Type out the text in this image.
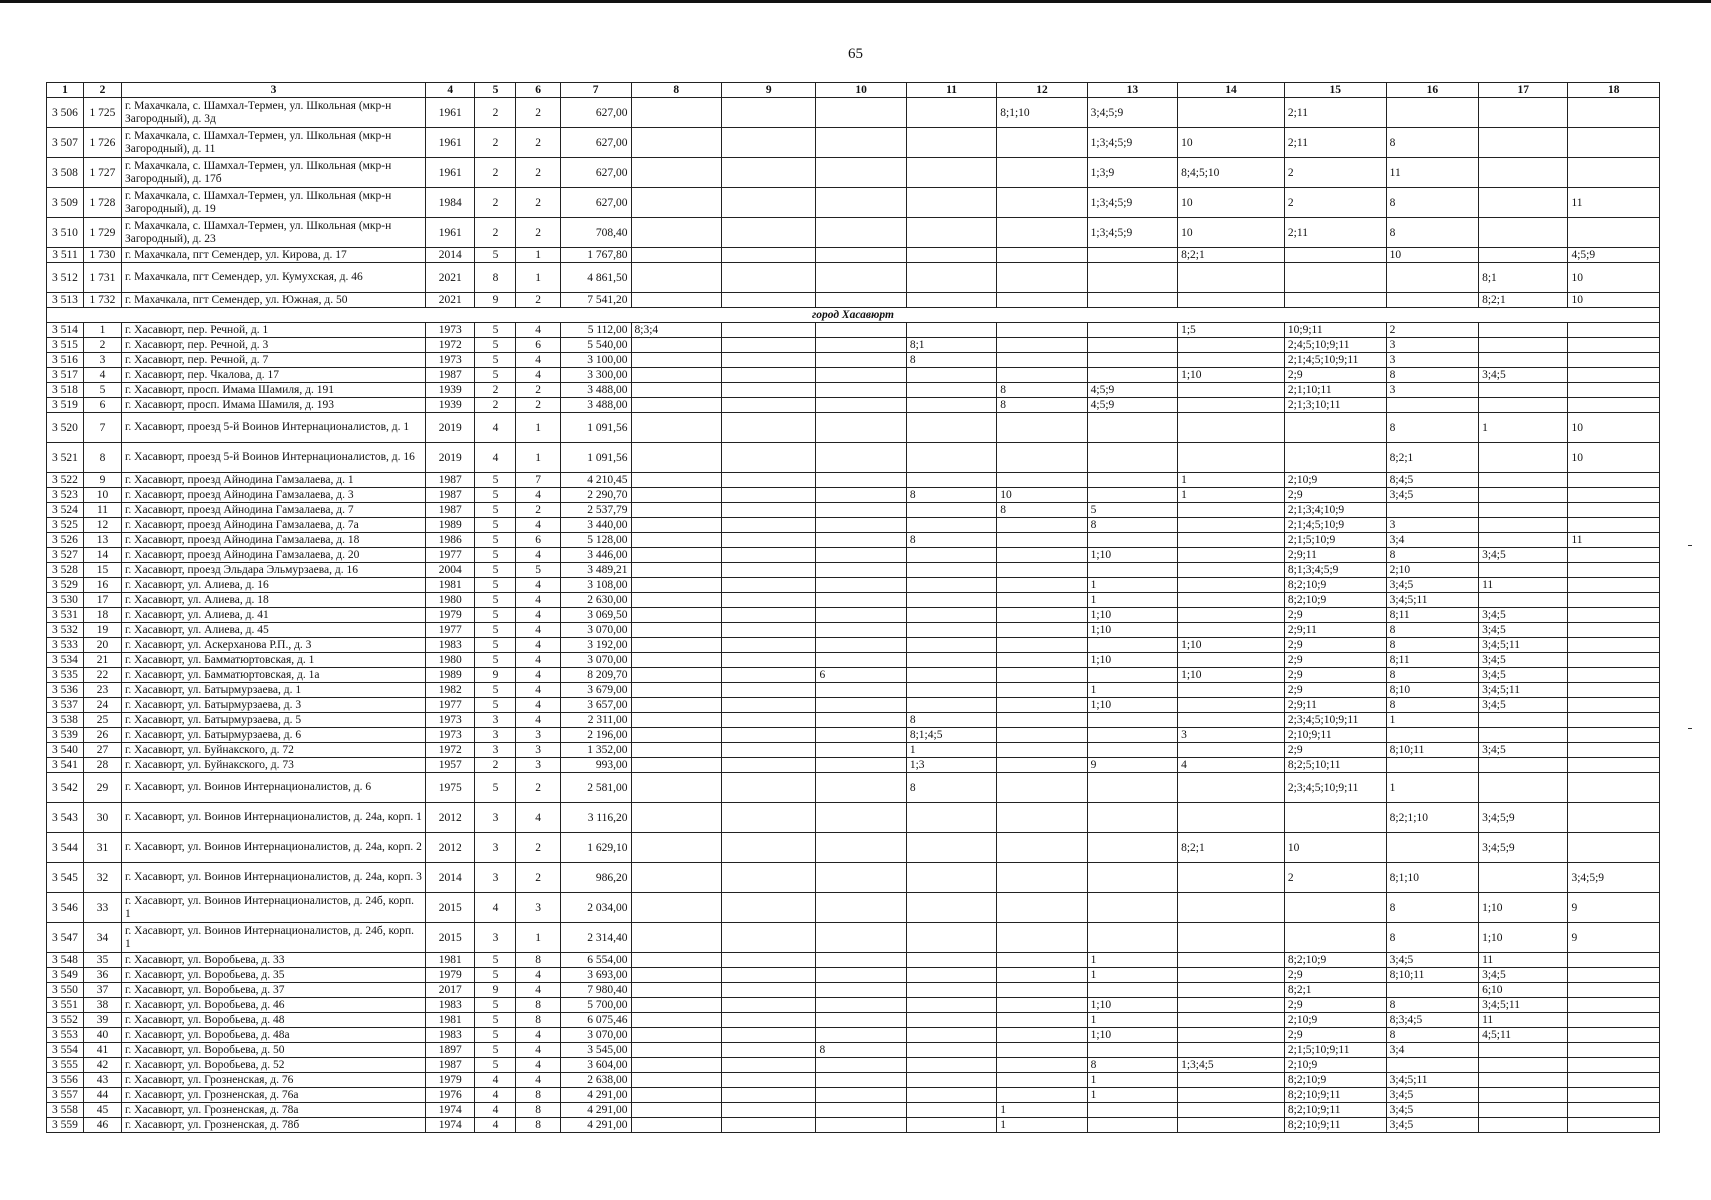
65
1	2	3	4	5	6	7	8	9	10	11	12	13	14	15	16	17	18
3 506	1 725	г. Махачкала, с. Шамхал-Термен, ул. Школьная (мкр-н Загородный), д. 3д	1961	2	2	627,00					8;1;10	3;4;5;9		2;11			
3 507	1 726	г. Махачкала, с. Шамхал-Термен, ул. Школьная (мкр-н Загородный), д. 11	1961	2	2	627,00						1;3;4;5;9	10	2;11	8		
3 508	1 727	г. Махачкала, с. Шамхал-Термен, ул. Школьная (мкр-н Загородный), д. 17б	1961	2	2	627,00						1;3;9	8;4;5;10	2	11		
3 509	1 728	г. Махачкала, с. Шамхал-Термен, ул. Школьная (мкр-н Загородный), д. 19	1984	2	2	627,00						1;3;4;5;9	10	2	8		11
3 510	1 729	г. Махачкала, с. Шамхал-Термен, ул. Школьная (мкр-н Загородный), д. 23	1961	2	2	708,40						1;3;4;5;9	10	2;11	8		
3 511	1 730	г. Махачкала, пгт Семендер, ул. Кирова, д. 17	2014	5	1	1 767,80							8;2;1		10		4;5;9
3 512	1 731	г. Махачкала, пгт Семендер, ул. Кумухская, д. 46	2021	8	1	4 861,50										8;1	10
3 513	1 732	г. Махачкала, пгт Семендер, ул. Южная, д. 50	2021	9	2	7 541,20										8;2;1	10
город Хасавюрт																	
3 514	1	г. Хасавюрт, пер. Речной, д. 1	1973	5	4	5 112,00	8;3;4						1;5	10;9;11	2		
3 515	2	г. Хасавюрт, пер. Речной, д. 3	1972	5	6	5 540,00				8;1				2;4;5;10;9;11	3		
3 516	3	г. Хасавюрт, пер. Речной, д. 7	1973	5	4	3 100,00				8				2;1;4;5;10;9;11	3		
3 517	4	г. Хасавюрт, пер. Чкалова, д. 17	1987	5	4	3 300,00							1;10	2;9	8	3;4;5	
3 518	5	г. Хасавюрт, просп. Имама Шамиля, д. 191	1939	2	2	3 488,00					8	4;5;9		2;1;10;11	3		
3 519	6	г. Хасавюрт, просп. Имама Шамиля, д. 193	1939	2	2	3 488,00					8	4;5;9		2;1;3;10;11			
3 520	7	г. Хасавюрт, проезд 5-й Воинов Интернационалистов, д. 1	2019	4	1	1 091,56									8	1	10
3 521	8	г. Хасавюрт, проезд 5-й Воинов Интернационалистов, д. 16	2019	4	1	1 091,56									8;2;1		10
3 522	9	г. Хасавюрт, проезд Айнодина Гамзалаева, д. 1	1987	5	7	4 210,45							1	2;10;9	8;4;5		
3 523	10	г. Хасавюрт, проезд Айнодина Гамзалаева, д. 3	1987	5	4	2 290,70				8	10		1	2;9	3;4;5		
3 524	11	г. Хасавюрт, проезд Айнодина Гамзалаева, д. 7	1987	5	2	2 537,79					8	5		2;1;3;4;10;9			
3 525	12	г. Хасавюрт, проезд Айнодина Гамзалаева, д. 7а	1989	5	4	3 440,00						8		2;1;4;5;10;9	3		
3 526	13	г. Хасавюрт, проезд Айнодина Гамзалаева, д. 18	1986	5	6	5 128,00				8				2;1;5;10;9	3;4		11
3 527	14	г. Хасавюрт, проезд Айнодина Гамзалаева, д. 20	1977	5	4	3 446,00						1;10		2;9;11	8	3;4;5	
3 528	15	г. Хасавюрт, проезд Эльдара Эльмурзаева, д. 16	2004	5	5	3 489,21								8;1;3;4;5;9	2;10		
3 529	16	г. Хасавюрт, ул. Алиева, д. 16	1981	5	4	3 108,00						1		8;2;10;9	3;4;5	11	
3 530	17	г. Хасавюрт, ул. Алиева, д. 18	1980	5	4	2 630,00						1		8;2;10;9	3;4;5;11		
3 531	18	г. Хасавюрт, ул. Алиева, д. 41	1979	5	4	3 069,50						1;10		2;9	8;11	3;4;5	
3 532	19	г. Хасавюрт, ул. Алиева, д. 45	1977	5	4	3 070,00						1;10		2;9;11	8	3;4;5	
3 533	20	г. Хасавюрт, ул. Аскерханова Р.П., д. 3	1983	5	4	3 192,00							1;10	2;9	8	3;4;5;11	
3 534	21	г. Хасавюрт, ул. Бамматюртовская, д. 1	1980	5	4	3 070,00						1;10		2;9	8;11	3;4;5	
3 535	22	г. Хасавюрт, ул. Бамматюртовская, д. 1а	1989	9	4	8 209,70			6				1;10	2;9	8	3;4;5	
3 536	23	г. Хасавюрт, ул. Батырмурзаева, д. 1	1982	5	4	3 679,00						1		2;9	8;10	3;4;5;11	
3 537	24	г. Хасавюрт, ул. Батырмурзаева, д. 3	1977	5	4	3 657,00						1;10		2;9;11	8	3;4;5	
3 538	25	г. Хасавюрт, ул. Батырмурзаева, д. 5	1973	3	4	2 311,00				8				2;3;4;5;10;9;11	1		
3 539	26	г. Хасавюрт, ул. Батырмурзаева, д. 6	1973	3	3	2 196,00				8;1;4;5			3	2;10;9;11			
3 540	27	г. Хасавюрт, ул. Буйнакского, д. 72	1972	3	3	1 352,00				1				2;9	8;10;11	3;4;5	
3 541	28	г. Хасавюрт, ул. Буйнакского, д. 73	1957	2	3	993,00				1;3		9	4	8;2;5;10;11			
3 542	29	г. Хасавюрт, ул. Воинов Интернационалистов, д. 6	1975	5	2	2 581,00				8				2;3;4;5;10;9;11	1		
3 543	30	г. Хасавюрт, ул. Воинов Интернационалистов, д. 24а, корп. 1	2012	3	4	3 116,20									8;2;1;10	3;4;5;9	
3 544	31	г. Хасавюрт, ул. Воинов Интернационалистов, д. 24а, корп. 2	2012	3	2	1 629,10							8;2;1	10		3;4;5;9	
3 545	32	г. Хасавюрт, ул. Воинов Интернационалистов, д. 24а, корп. 3	2014	3	2	986,20								2	8;1;10		3;4;5;9
3 546	33	г. Хасавюрт, ул. Воинов Интернационалистов, д. 24б, корп. 1	2015	4	3	2 034,00									8	1;10	9
3 547	34	г. Хасавюрт, ул. Воинов Интернационалистов, д. 24б, корп. 1	2015	3	1	2 314,40									8	1;10	9
3 548	35	г. Хасавюрт, ул. Воробьева, д. 33	1981	5	8	6 554,00						1		8;2;10;9	3;4;5	11	
3 549	36	г. Хасавюрт, ул. Воробьева, д. 35	1979	5	4	3 693,00						1		2;9	8;10;11	3;4;5	
3 550	37	г. Хасавюрт, ул. Воробьева, д. 37	2017	9	4	7 980,40								8;2;1		6;10	
3 551	38	г. Хасавюрт, ул. Воробьева, д. 46	1983	5	8	5 700,00						1;10		2;9	8	3;4;5;11	
3 552	39	г. Хасавюрт, ул. Воробьева, д. 48	1981	5	8	6 075,46						1		2;10;9	8;3;4;5	11	
3 553	40	г. Хасавюрт, ул. Воробьева, д. 48а	1983	5	4	3 070,00						1;10		2;9	8	4;5;11	
3 554	41	г. Хасавюрт, ул. Воробьева, д. 50	1897	5	4	3 545,00			8					2;1;5;10;9;11	3;4		
3 555	42	г. Хасавюрт, ул. Воробьева, д. 52	1987	5	4	3 604,00						8	1;3;4;5	2;10;9			
3 556	43	г. Хасавюрт, ул. Грозненская, д. 76	1979	4	4	2 638,00						1		8;2;10;9	3;4;5;11		
3 557	44	г. Хасавюрт, ул. Грозненская, д. 76а	1976	4	8	4 291,00						1		8;2;10;9;11	3;4;5		
3 558	45	г. Хасавюрт, ул. Грозненская, д. 78а	1974	4	8	4 291,00					1			8;2;10;9;11	3;4;5		
3 559	46	г. Хасавюрт, ул. Грозненская, д. 78б	1974	4	8	4 291,00					1			8;2;10;9;11	3;4;5		
